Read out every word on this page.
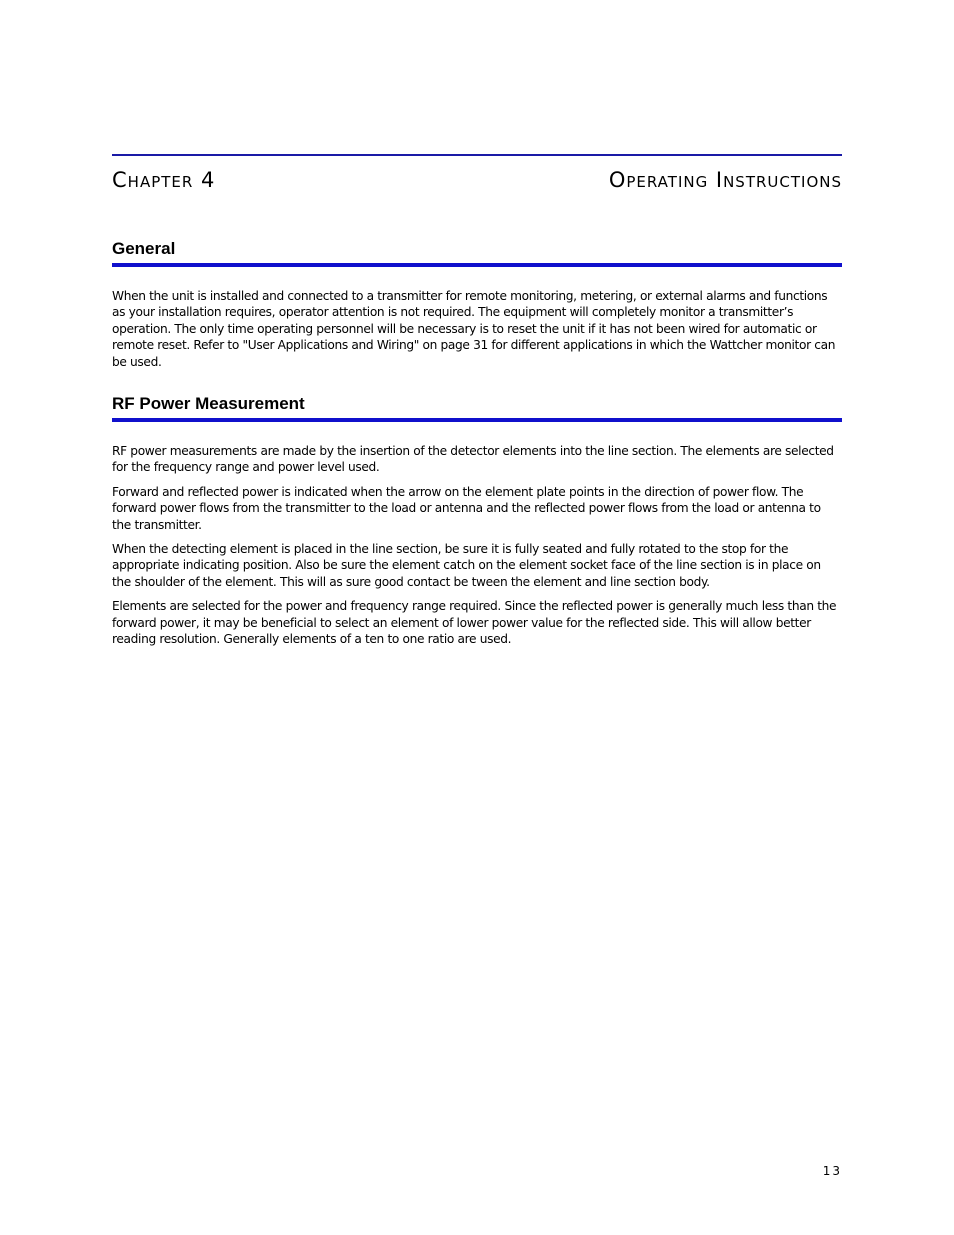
Chapter 4	Operating Instructions
General

When the unit is installed and connected to a transmitter for remote monitoring, metering, or external alarms and functions as your installation requires, operator attention is not required. The equipment will completely monitor a transmitter’s operation. The only time operating personnel will be necessary is to reset the unit if it has not been wired for automatic or remote reset. Refer to "User Applications and Wiring" on page 31 for different applications in which the Wattcher monitor can be used.

RF Power Measurement

RF power measurements are made by the insertion of the detector elements into the line section. The elements are selected for the frequency range and power level used.

Forward and reflected power is indicated when the arrow on the element plate points in the direction of power flow. The forward power flows from the transmitter to the load or antenna and the reflected power flows from the load or antenna to the transmitter.

When the detecting element is placed in the line section, be sure it is fully seated and fully rotated to the stop for the appropriate indicating position. Also be sure the element catch on the element socket face of the line section is in place on the shoulder of the element. This will as sure good contact be tween the element and line section body.

Elements are selected for the power and frequency range required. Since the reflected power is generally much less than the forward power, it may be beneficial to select an element of lower power value for the reflected side. This will allow better reading resolution. Generally elements of a ten to one ratio are used.

13
